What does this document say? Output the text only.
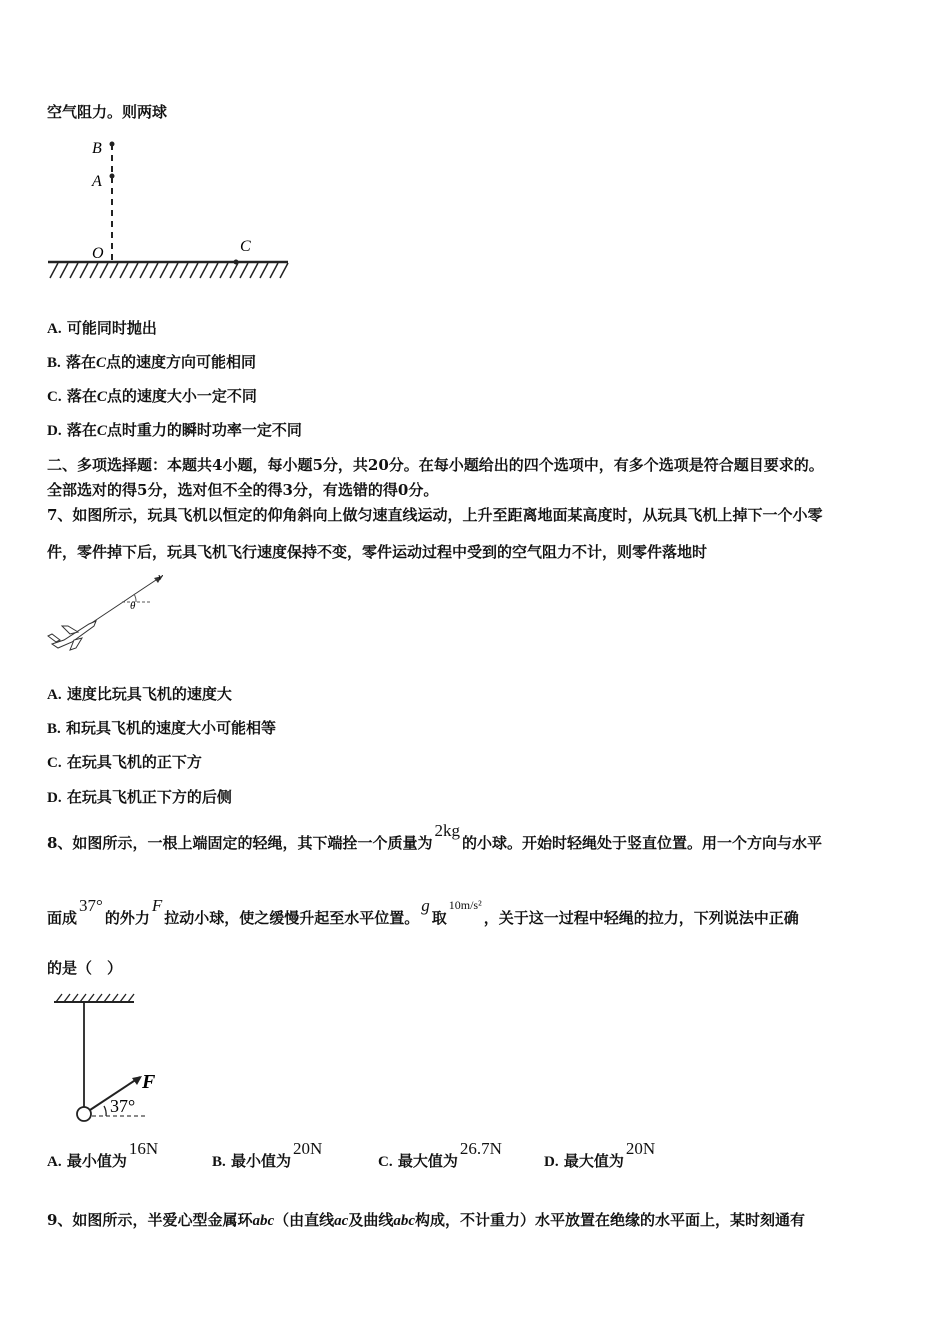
空气阻力。则两球
B
A
O	C
A. 可能同时抛出
B. 落在C点的速度方向可能相同
C. 落在C点的速度大小一定不同
D. 落在C点时重力的瞬时功率一定不同
二、多项选择题：本题共4小题，每小题5分，共20分。在每小题给出的四个选项中，有多个选项是符合题目要求的。
全部选对的得5分，选对但不全的得3分，有选错的得0分。
7、如图所示，玩具飞机以恒定的仰角斜向上做匀速直线运动，上升至距离地面某高度时，从玩具飞机上掉下一个小零
件，零件掉下后，玩具飞机飞行速度保持不变，零件运动过程中受到的空气阻力不计，则零件落地时
v
θ
A. 速度比玩具飞机的速度大
B. 和玩具飞机的速度大小可能相等
C. 在玩具飞机的正下方
D. 在玩具飞机正下方的后侧
8、如图所示，一根上端固定的轻绳，其下端拴一个质量为2kg的小球。开始时轻绳处于竖直位置。用一个方向与水平
面成37°的外力F拉动小球，使之缓慢升起至水平位置。g取$^{10m/s^2}$，关于这一过程中轻绳的拉力，下列说法中正确
的是（　）
F
37°
A. 最小值为16NB. 最小值为20NC. 最大值为26.7ND. 最大值为20N
9、如图所示，半爱心型金属环abc（由直线ac及曲线abc构成，不计重力）水平放置在绝缘的水平面上，某时刻通有
